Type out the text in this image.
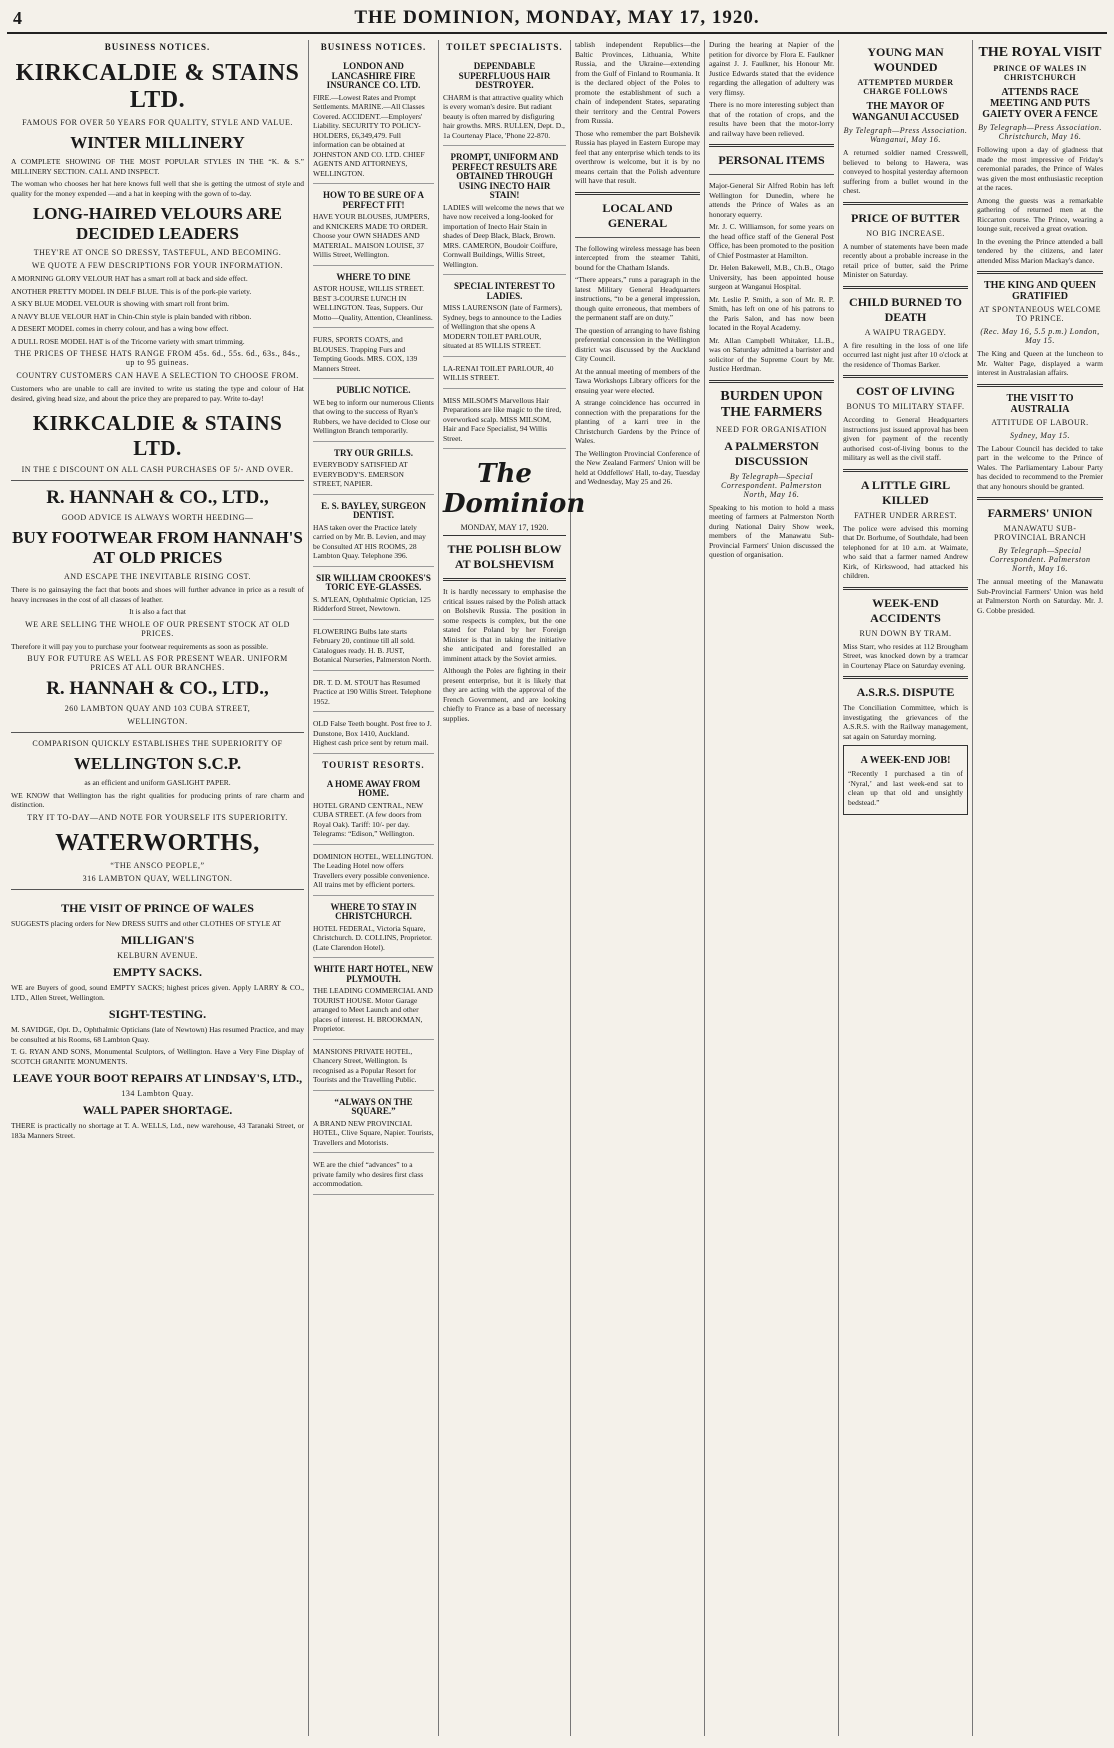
4	THE DOMINION, MONDAY, MAY 17, 1920.
BUSINESS NOTICES.
KIRKCALDIE & STAINS LTD.
FAMOUS FOR OVER 50 YEARS FOR QUALITY, STYLE AND VALUE.
WINTER MILLINERY

A COMPLETE SHOWING OF THE MOST POPULAR STYLES IN THE “K. & S.” MILLINERY SECTION. CALL AND INSPECT.

The woman who chooses her hat here knows full well that she is getting the utmost of style and quality for the money expended —and a hat in keeping with the gown of to-day.

LONG-HAIRED VELOURS ARE DECIDED LEADERS
THEY'RE AT ONCE SO DRESSY, TASTEFUL, AND BECOMING.
WE QUOTE A FEW DESCRIPTIONS FOR YOUR INFORMATION.

A MORNING GLORY VELOUR HAT has a smart roll at back and side effect.

ANOTHER PRETTY MODEL IN DELF BLUE. This is of the pork-pie variety.

A SKY BLUE MODEL VELOUR is showing with smart roll front brim.

A NAVY BLUE VELOUR HAT in Chin-Chin style is plain banded with ribbon.

A DESERT MODEL comes in cherry colour, and has a wing bow effect.

A DULL ROSE MODEL HAT is of the Tricorne variety with smart trimming.

THE PRICES OF THESE HATS RANGE FROM 45s. 6d., 55s. 6d., 63s., 84s., up to 95 guineas.
COUNTRY CUSTOMERS CAN HAVE A SELECTION TO CHOOSE FROM.

Customers who are unable to call are invited to write us stating the type and colour of Hat desired, giving head size, and about the price they are prepared to pay. Write to-day!

KIRKCALDIE & STAINS LTD.
IN THE £ DISCOUNT ON ALL CASH PURCHASES OF 5/- AND OVER.
R. HANNAH & CO., LTD.,
GOOD ADVICE IS ALWAYS WORTH HEEDING—
BUY FOOTWEAR FROM HANNAH'S AT OLD PRICES
AND ESCAPE THE INEVITABLE RISING COST.

There is no gainsaying the fact that boots and shoes will further advance in price as a result of heavy increases in the cost of all classes of leather.

It is also a fact that

WE ARE SELLING THE WHOLE OF OUR PRESENT STOCK AT OLD PRICES.

Therefore it will pay you to purchase your footwear requirements as soon as possible.

BUY FOR FUTURE AS WELL AS FOR PRESENT WEAR. UNIFORM PRICES AT ALL OUR BRANCHES.
R. HANNAH & CO., LTD.,
260 LAMBTON QUAY AND 103 CUBA STREET,
WELLINGTON.
COMPARISON QUICKLY ESTABLISHES THE SUPERIORITY OF
WELLINGTON S.C.P.

as an efficient and uniform GASLIGHT PAPER.

WE KNOW that Wellington has the right qualities for producing prints of rare charm and distinction.

TRY IT TO-DAY—AND NOTE FOR YOURSELF ITS SUPERIORITY.
WATERWORTHS,
“THE ANSCO PEOPLE,”
316 LAMBTON QUAY, WELLINGTON.
THE VISIT OF PRINCE OF WALES

SUGGESTS placing orders for New DRESS SUITS and other CLOTHES OF STYLE AT

MILLIGAN'S
KELBURN AVENUE.
EMPTY SACKS.

WE are Buyers of good, sound EMPTY SACKS; highest prices given. Apply LARRY & CO., LTD., Allen Street, Wellington.

SIGHT-TESTING.

M. SAVIDGE, Opt. D., Ophthalmic Opticians (late of Newtown) Has resumed Practice, and may be consulted at his Rooms, 68 Lambton Quay.

T. G. RYAN AND SONS, Monumental Sculptors, of Wellington. Have a Very Fine Display of SCOTCH GRANITE MONUMENTS.

LEAVE YOUR BOOT REPAIRS AT LINDSAY'S, LTD.,
134 Lambton Quay.
WALL PAPER SHORTAGE.

THERE is practically no shortage at T. A. WELLS, Ltd., new warehouse, 43 Taranaki Street, or 183a Manners Street.

BUSINESS NOTICES.
LONDON AND LANCASHIRE FIRE INSURANCE CO. LTD.
FIRE.—Lowest Rates and Prompt Settlements. MARINE.—All Classes Covered. ACCIDENT.—Employers' Liability. SECURITY TO POLICY-HOLDERS, £6,349,479. Full information can be obtained at JOHNSTON AND CO. LTD. CHIEF AGENTS AND ATTORNEYS, WELLINGTON.
HOW TO BE SURE OF A PERFECT FIT!
HAVE YOUR BLOUSES, JUMPERS, and KNICKERS MADE TO ORDER. Choose your OWN SHADES AND MATERIAL. MAISON LOUISE, 37 Willis Street, Wellington.
WHERE TO DINE
ASTOR HOUSE, WILLIS STREET. BEST 3-COURSE LUNCH IN WELLINGTON. Teas, Suppers. Our Motto—Quality, Attention, Cleanliness.
FURS, SPORTS COATS, and BLOUSES. Trapping Furs and Tempting Goods. MRS. COX, 139 Manners Street.
PUBLIC NOTICE.
WE beg to inform our numerous Clients that owing to the success of Ryan's Rubbers, we have decided to Close our Wellington Branch temporarily.
TRY OUR GRILLS.
EVERYBODY SATISFIED AT EVERYBODY'S. EMERSON STREET, NAPIER.
E. S. BAYLEY, SURGEON DENTIST.
HAS taken over the Practice lately carried on by Mr. B. Levien, and may be Consulted AT HIS ROOMS, 28 Lambton Quay. Telephone 396.
SIR WILLIAM CROOKES'S TORIC EYE-GLASSES.
S. M'LEAN, Ophthalmic Optician, 125 Ridderford Street, Newtown.
FLOWERING Bulbs late starts February 20, continue till all sold. Catalogues ready. H. B. JUST, Botanical Nurseries, Palmerston North.
DR. T. D. M. STOUT has Resumed Practice at 190 Willis Street. Telephone 1952.
OLD False Teeth bought. Post free to J. Dunstone, Box 1410, Auckland. Highest cash price sent by return mail.
TOURIST RESORTS.
A HOME AWAY FROM HOME.
HOTEL GRAND CENTRAL, NEW CUBA STREET. (A few doors from Royal Oak). Tariff: 10/- per day. Telegrams: “Edison,” Wellington.
DOMINION HOTEL, WELLINGTON. The Leading Hotel now offers Travellers every possible convenience. All trains met by efficient porters.
WHERE TO STAY IN CHRISTCHURCH.
HOTEL FEDERAL, Victoria Square, Christchurch. D. COLLINS, Proprietor. (Late Clarendon Hotel).
WHITE HART HOTEL, NEW PLYMOUTH.
THE LEADING COMMERCIAL AND TOURIST HOUSE. Motor Garage arranged to Meet Launch and other places of interest. H. BROOKMAN, Proprietor.
MANSIONS PRIVATE HOTEL, Chancery Street, Wellington. Is recognised as a Popular Resort for Tourists and the Travelling Public.
“ALWAYS ON THE SQUARE.”
A BRAND NEW PROVINCIAL HOTEL, Clive Square, Napier. Tourists, Travellers and Motorists.
WE are the chief “advances” to a private family who desires first class accommodation.
TOILET SPECIALISTS.
DEPENDABLE SUPERFLUOUS HAIR DESTROYER.
CHARM is that attractive quality which is every woman's desire. But radiant beauty is often marred by disfiguring hair growths. MRS. RULLEN, Dept. D., 1a Courtenay Place, 'Phone 22-870.
PROMPT, UNIFORM AND PERFECT RESULTS ARE OBTAINED THROUGH USING INECTO HAIR STAIN!
LADIES will welcome the news that we have now received a long-looked for importation of Inecto Hair Stain in shades of Deep Black, Black, Brown. MRS. CAMERON, Boudoir Coiffure, Cornwall Buildings, Willis Street, Wellington.
SPECIAL INTEREST TO LADIES.
MISS LAURENSON (late of Farmers), Sydney, begs to announce to the Ladies of Wellington that she opens A MODERN TOILET PARLOUR, situated at 85 WILLIS STREET.
LA-RENAI TOILET PARLOUR, 40 WILLIS STREET.
MISS MILSOM'S Marvellous Hair Preparations are like magic to the tired, overworked scalp. MISS MILSOM, Hair and Face Specialist, 94 Willis Street.
The Dominion
MONDAY, MAY 17, 1920.
THE POLISH BLOW AT BOLSHEVISM

It is hardly necessary to emphasise the critical issues raised by the Polish attack on Bolshevik Russia. The position in some respects is complex, but the one stated for Poland by her Foreign Minister is that in taking the initiative she anticipated and forestalled an imminent attack by the Soviet armies.

Although the Poles are fighting in their present enterprise, but it is likely that they are acting with the approval of the French Government, and are looking chiefly to France as a base of necessary supplies.

tablish independent Republics—the Baltic Provinces, Lithuania, White Russia, and the Ukraine—extending from the Gulf of Finland to Roumania. It is the declared object of the Poles to promote the establishment of such a chain of independent States, separating their territory and the Central Powers from Russia.

Those who remember the part Bolshevik Russia has played in Eastern Europe may feel that any enterprise which tends to its overthrow is welcome, but it is by no means certain that the Polish adventure will have that result.

LOCAL AND GENERAL

The following wireless message has been intercepted from the steamer Tahiti, bound for the Chatham Islands.

“There appears,” runs a paragraph in the latest Military General Headquarters instructions, “to be a general impression, though quite erroneous, that members of the permanent staff are on duty.”

The question of arranging to have fishing preferential concession in the Wellington district was discussed by the Auckland City Council.

At the annual meeting of members of the Tawa Workshops Library officers for the ensuing year were elected.

A strange coincidence has occurred in connection with the preparations for the planting of a karri tree in the Christchurch Gardens by the Prince of Wales.

The Wellington Provincial Conference of the New Zealand Farmers' Union will be held at Oddfellows' Hall, to-day, Tuesday and Wednesday, May 25 and 26.

During the hearing at Napier of the petition for divorce by Flora E. Faulkner against J. J. Faulkner, his Honour Mr. Justice Edwards stated that the evidence regarding the allegation of adultery was very flimsy.

There is no more interesting subject than that of the rotation of crops, and the results have been that the motor-lorry and railway have been relieved.

PERSONAL ITEMS

Major-General Sir Alfred Robin has left Wellington for Dunedin, where he attends the Prince of Wales as an honorary equerry.

Mr. J. C. Williamson, for some years on the head office staff of the General Post Office, has been promoted to the position of Chief Postmaster at Hamilton.

Dr. Helen Bakewell, M.B., Ch.B., Otago University, has been appointed house surgeon at Wanganui Hospital.

Mr. Leslie P. Smith, a son of Mr. R. P. Smith, has left on one of his patrons to the Paris Salon, and has now been located in the Royal Academy.

Mr. Allan Campbell Whitaker, LL.B., was on Saturday admitted a barrister and solicitor of the Supreme Court by Mr. Justice Herdman.

BURDEN UPON THE FARMERS
NEED FOR ORGANISATION
A PALMERSTON DISCUSSION
By Telegraph—Special Correspondent. Palmerston North, May 16.

Speaking to his motion to hold a mass meeting of farmers at Palmerston North during National Dairy Show week, members of the Manawatu Sub-Provincial Farmers' Union discussed the question of organisation.

YOUNG MAN WOUNDED
ATTEMPTED MURDER CHARGE FOLLOWS
THE MAYOR OF WANGANUI ACCUSED
By Telegraph—Press Association. Wanganui, May 16.

A returned soldier named Cresswell, believed to belong to Hawera, was conveyed to hospital yesterday afternoon suffering from a bullet wound in the chest.

PRICE OF BUTTER
NO BIG INCREASE.

A number of statements have been made recently about a probable increase in the retail price of butter, said the Prime Minister on Saturday.

CHILD BURNED TO DEATH
A WAIPU TRAGEDY.

A fire resulting in the loss of one life occurred last night just after 10 o'clock at the residence of Thomas Barker.

COST OF LIVING
BONUS TO MILITARY STAFF.

According to General Headquarters instructions just issued approval has been given for payment of the recently authorised cost-of-living bonus to the military as well as the civil staff.

A LITTLE GIRL KILLED
FATHER UNDER ARREST.

The police were advised this morning that Dr. Borhume, of Southdale, had been telephoned for at 10 a.m. at Waimate, who said that a farmer named Andrew Kirk, of Kirkswood, had attacked his children.

WEEK-END ACCIDENTS
RUN DOWN BY TRAM.

Miss Starr, who resides at 112 Brougham Street, was knocked down by a tramcar in Courtenay Place on Saturday evening.

A.S.R.S. DISPUTE

The Conciliation Committee, which is investigating the grievances of the A.S.R.S. with the Railway management, sat again on Saturday morning.

A WEEK-END JOB!

“Recently I purchased a tin of ‘Nyral,’ and last week-end sat to clean up that old and unsightly bedstead.”

THE ROYAL VISIT
PRINCE OF WALES IN CHRISTCHURCH
ATTENDS RACE MEETING AND PUTS GAIETY OVER A FENCE
By Telegraph—Press Association. Christchurch, May 16.

Following upon a day of gladness that made the most impressive of Friday's ceremonial parades, the Prince of Wales was given the most enthusiastic reception at the races.

Among the guests was a remarkable gathering of returned men at the Riccarton course. The Prince, wearing a lounge suit, received a great ovation.

In the evening the Prince attended a ball tendered by the citizens, and later attended Miss Marion Mackay's dance.

THE KING AND QUEEN GRATIFIED
AT SPONTANEOUS WELCOME TO PRINCE.
(Rec. May 16, 5.5 p.m.) London, May 15.

The King and Queen at the luncheon to Mr. Walter Page, displayed a warm interest in Australasian affairs.

THE VISIT TO AUSTRALIA
ATTITUDE OF LABOUR.
Sydney, May 15.

The Labour Council has decided to take part in the welcome to the Prince of Wales. The Parliamentary Labour Party has decided to recommend to the Premier that any honours should be granted.

FARMERS' UNION
MANAWATU SUB-PROVINCIAL BRANCH
By Telegraph—Special Correspondent. Palmerston North, May 16.

The annual meeting of the Manawatu Sub-Provincial Farmers' Union was held at Palmerston North on Saturday. Mr. J. G. Cobbe presided.
